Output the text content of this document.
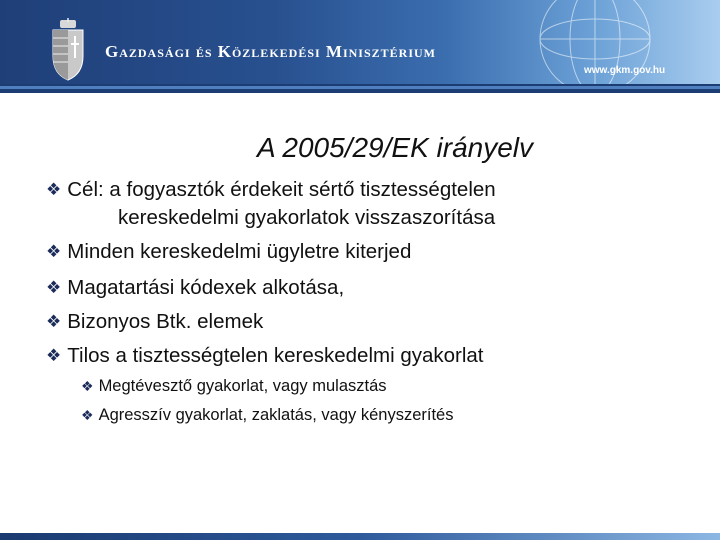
Gazdasági és Közlekedési Minisztérium
www.gkm.gov.hu
A 2005/29/EK irányelv
❖ Cél: a fogyasztók érdekeit sértő tisztességtelen
kereskedelmi gyakorlatok visszaszorítása
❖ Minden kereskedelmi ügyletre kiterjed
❖ Magatartási kódexek alkotása,
❖ Bizonyos Btk. elemek
❖ Tilos a tisztességtelen kereskedelmi gyakorlat
❖ Megtévesztő gyakorlat, vagy mulasztás
❖ Agresszív gyakorlat, zaklatás, vagy kényszerítés
